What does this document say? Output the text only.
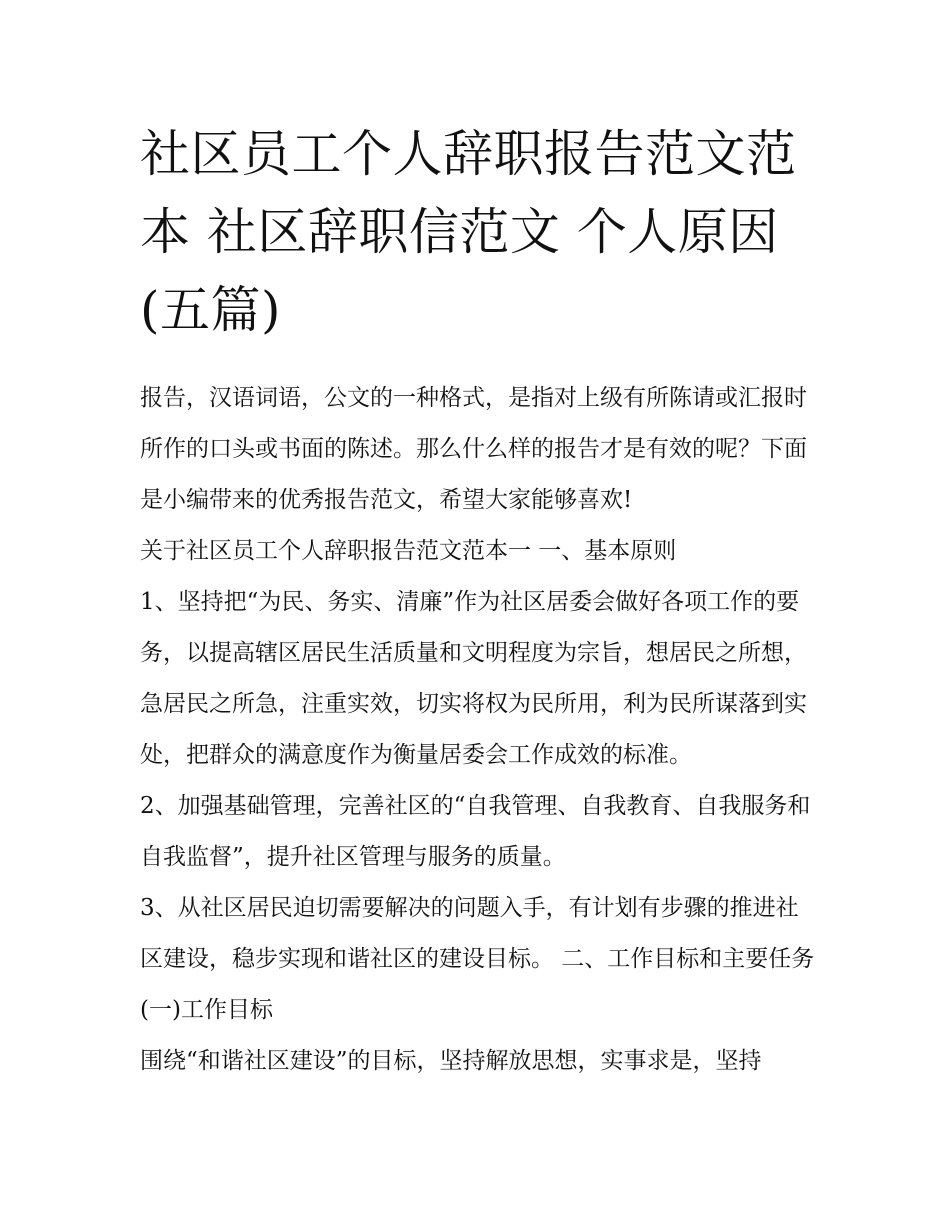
社区员工个人辞职报告范文范本 社区辞职信范文 个人原因(五篇)

报告，汉语词语，公文的一种格式，是指对上级有所陈请或汇报时所作的口头或书面的陈述。那么什么样的报告才是有效的呢？下面是小编带来的优秀报告范文，希望大家能够喜欢!

关于社区员工个人辞职报告范文范本一 一、基本原则

1、坚持把“为民、务实、清廉”作为社区居委会做好各项工作的要务，以提高辖区居民生活质量和文明程度为宗旨，想居民之所想，急居民之所急，注重实效，切实将权为民所用，利为民所谋落到实处，把群众的满意度作为衡量居委会工作成效的标准。

2、加强基础管理，完善社区的“自我管理、自我教育、自我服务和自我监督”，提升社区管理与服务的质量。

3、从社区居民迫切需要解决的问题入手，有计划有步骤的推进社区建设，稳步实现和谐社区的建设目标。 二、工作目标和主要任务 (一)工作目标

围绕“和谐社区建设”的目标，坚持解放思想，实事求是，坚持
